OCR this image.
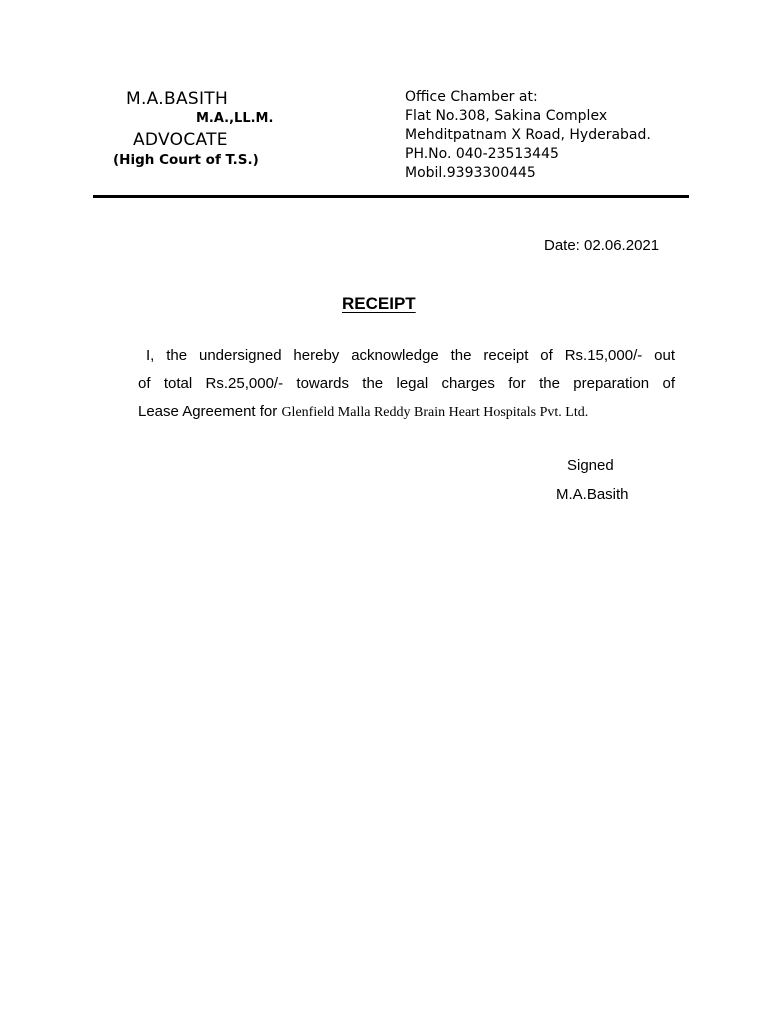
M.A.BASITH
M.A.,LL.M.
ADVOCATE
(High Court of T.S.)
Office Chamber at:
Flat No.308, Sakina Complex
Mehditpatnam X Road, Hyderabad.
PH.No. 040-23513445
Mobil.9393300445
Date: 02.06.2021
RECEIPT
I, the undersigned hereby acknowledge the receipt of Rs.15,000/- out
of total Rs.25,000/- towards the legal charges for the preparation of
Lease Agreement for Glenfield Malla Reddy Brain Heart Hospitals Pvt. Ltd.
Signed
M.A.Basith
